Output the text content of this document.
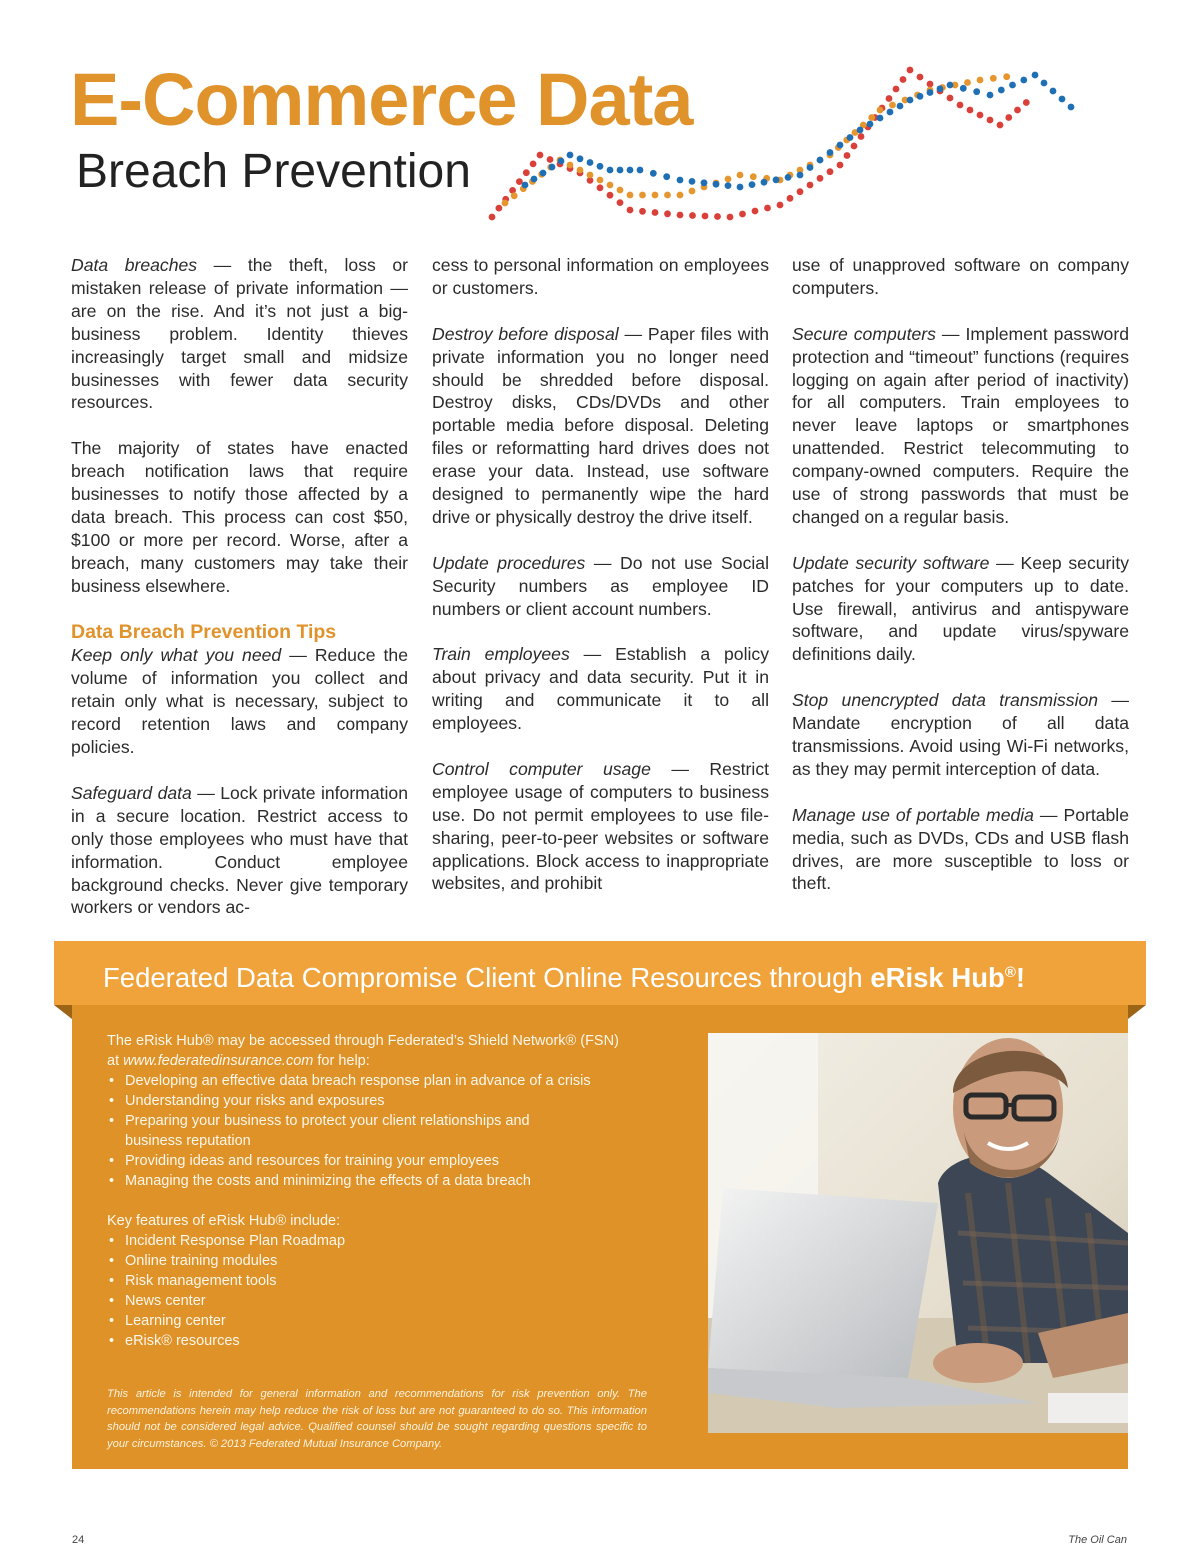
E-Commerce Data
Breach Prevention

Data breaches — the theft, loss or mistaken release of private information — are on the rise. And it’s not just a big-business problem. Identity thieves increasingly target small and midsize businesses with fewer data security resources.

The majority of states have enacted breach notification laws that require businesses to notify those affected by a data breach. This process can cost $50, $100 or more per record. Worse, after a breach, many customers may take their business elsewhere.

Data Breach Prevention Tips

Keep only what you need — Reduce the volume of information you collect and retain only what is necessary, subject to record retention laws and company policies.

Safeguard data — Lock private information in a secure location. Restrict access to only those employees who must have that information. Conduct employee background checks. Never give temporary workers or vendors ac-

cess to personal information on employees or customers.

Destroy before disposal — Paper files with private information you no longer need should be shredded before disposal. Destroy disks, CDs/DVDs and other portable media before disposal. Deleting files or reformatting hard drives does not erase your data. Instead, use software designed to permanently wipe the hard drive or physically destroy the drive itself.

Update procedures — Do not use Social Security numbers as employee ID numbers or client account numbers.

Train employees — Establish a policy about privacy and data security. Put it in writing and communicate it to all employees.

Control computer usage — Restrict employee usage of computers to business use. Do not permit employees to use file-sharing, peer-to-peer websites or software applications. Block access to inappropriate websites, and prohibit

use of unapproved software on company computers.

Secure computers — Implement password protection and “timeout” functions (requires logging on again after period of inactivity) for all computers. Train employees to never leave laptops or smartphones unattended. Restrict telecommuting to company-owned computers. Require the use of strong passwords that must be changed on a regular basis.

Update security software — Keep security patches for your computers up to date. Use firewall, antivirus and antispyware software, and update virus/spyware definitions daily.

Stop unencrypted data transmission — Mandate encryption of all data transmissions. Avoid using Wi-Fi networks, as they may permit interception of data.

Manage use of portable media — Portable media, such as DVDs, CDs and USB flash drives, are more susceptible to loss or theft.

Federated Data Compromise Client Online Resources through eRisk Hub®!

The eRisk Hub® may be accessed through Federated’s Shield Network® (FSN)

at www.federatedinsurance.com for help:

• Developing an effective data breach response plan in advance of a crisis
• Understanding your risks and exposures
• Preparing your business to protect your client relationships and business reputation
• Providing ideas and resources for training your employees
• Managing the costs and minimizing the effects of a data breach

Key features of eRisk Hub® include:

• Incident Response Plan Roadmap
• Online training modules
• Risk management tools
• News center
• Learning center
• eRisk® resources

This article is intended for general information and recommendations for risk prevention only. The recommendations herein may help reduce the risk of loss but are not guaranteed to do so. This information should not be considered legal advice. Qualified counsel should be sought regarding questions specific to your circumstances. © 2013 Federated Mutual Insurance Company.

24	The Oil Can
